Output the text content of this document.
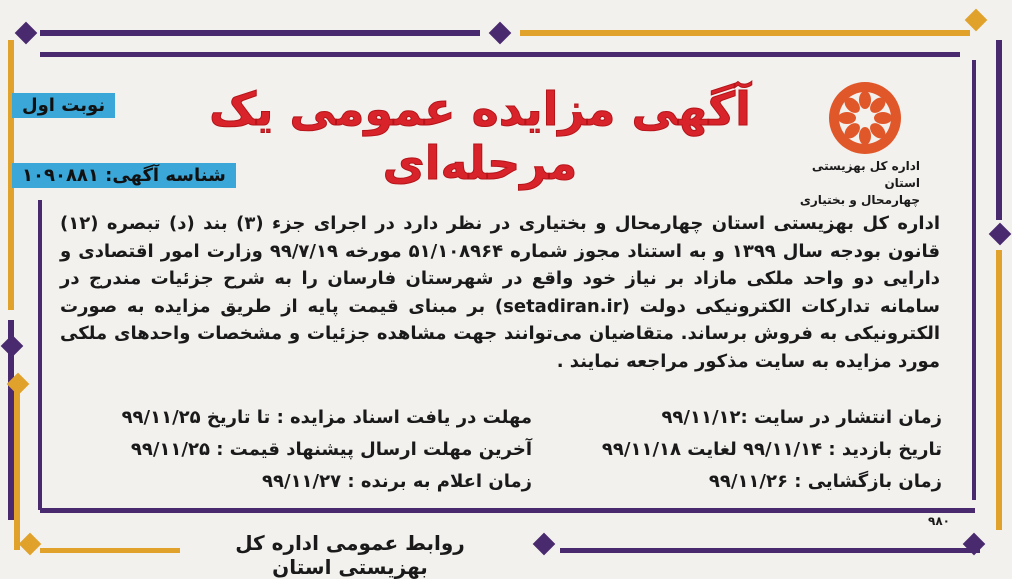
آگهی مزایده عمومی یک مرحله‌ای
نوبت اول
شناسه آگهی: ۱۰۹۰۸۸۱	اداره کل بهزیستی استان
چهارمحال و بختیاری
اداره کل بهزیستی استان چهارمحال و بختیاری در نظر دارد در اجرای جزء (۳) بند (د) تبصره (۱۲) قانون بودجه سال ۱۳۹۹ و به استناد مجوز شماره ۵۱/۱۰۸۹۶۴ مورخه ۹۹/۷/۱۹ وزارت امور اقتصادی و دارایی دو واحد ملکی مازاد بر نیاز خود واقع در شهرستان فارسان را به شرح جزئیات مندرج در سامانه تدارکات الکترونیکی دولت (setadiran.ir) بر مبنای قیمت پایه از طریق مزایده به صورت الکترونیکی به فروش برساند. متقاضیان می‌توانند جهت مشاهده جزئیات و مشخصات واحدهای ملکی مورد مزایده به سایت مذکور مراجعه نمایند .
زمان انتشار در سایت :۹۹/۱۱/۱۲
تاریخ بازدید : ۹۹/۱۱/۱۴ لغایت ۹۹/۱۱/۱۸
زمان بازگشایی : ۹۹/۱۱/۲۶
مهلت در یافت اسناد مزایده : تا تاریخ ۹۹/۱۱/۲۵
آخرین مهلت ارسال پیشنهاد قیمت : ۹۹/۱۱/۲۵
زمان اعلام به برنده : ۹۹/۱۱/۲۷
روابط عمومی اداره کل بهزیستی استان
۹۸۰
